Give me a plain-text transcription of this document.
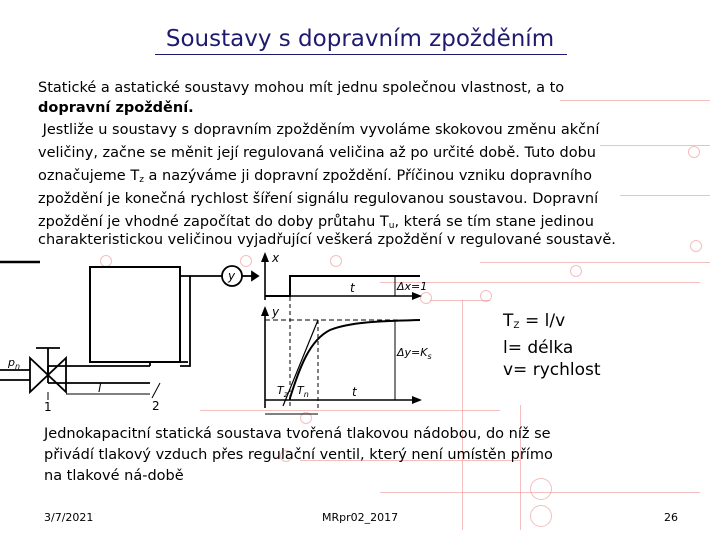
Soustavy s dopravním zpožděním
Statické a astatické soustavy mohou mít jednu společnou vlastnost, a to
dopravní zpoždění.
Jestliže u soustavy s dopravním zpožděním vyvoláme skokovou změnu akční
veličiny, začne se měnit její regulovaná veličina až po určité době. Tuto dobu
označujeme $T_z$ a nazýváme ji dopravní zpoždění. Příčinou vzniku dopravního
zpoždění je konečná rychlost šíření signálu regulovanou soustavou. Dopravní
zpoždění je vhodné započítat do doby průtahu $T_u$, která se tím stane jedinou
charakteristickou veličinou vyjadřující veškerá zpoždění v regulované soustavě.
y
x
Δx=1
t
y
$\Delta y=K_s$
t
$T_z$ $T_n$
$p_n$
1	2
l
$T_Z = l/v$
l= délka
v= rychlost
Jednokapacitní statická soustava tvořená tlakovou nádobou, do níž se
přivádí tlakový vzduch přes regulační ventil, který není umístěn přímo
na tlakové ná-době
3/7/2021	MRpr02_2017	26
